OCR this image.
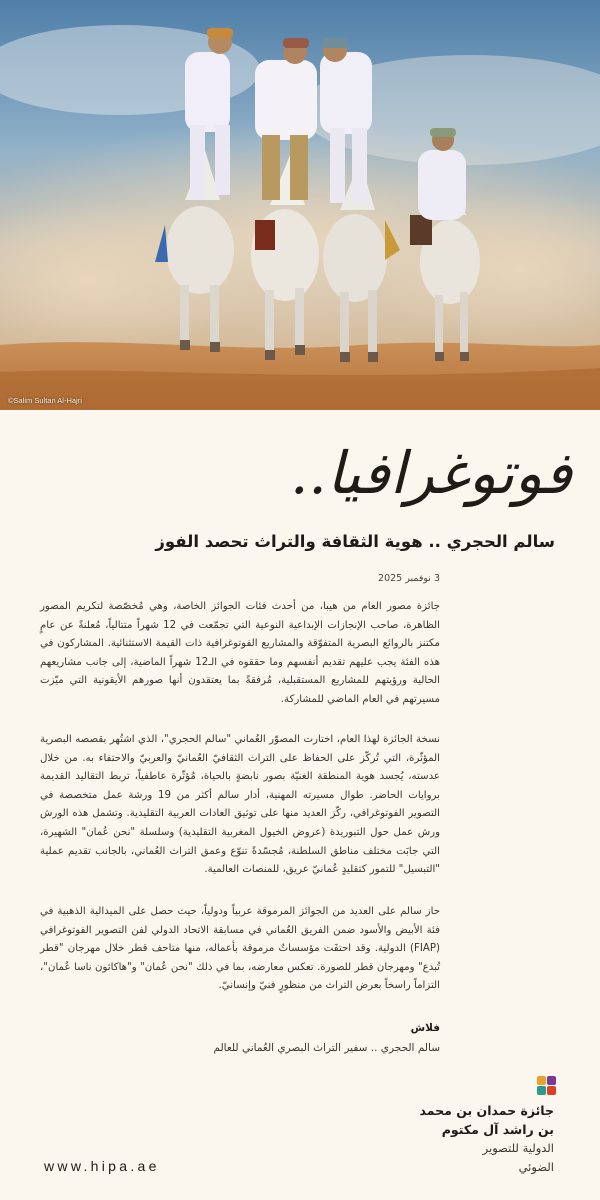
©Salim Sultan Al-Hajri
فوتوغرافيا..
سالم الحجري .. هوية الثقافة والتراث تحصد الفوز
3 نوفمبر 2025
جائزة مصور العام من هيبا، من أحدث فئات الجوائز الخاصة، وهي مُخصّصة لتكريم المصور الظاهرة، صاحب الإنجازات الإبداعية النوعية التي تجمّعت في 12 شهراً متتالياً، مُعلنةً عن عامٍ مكتنز بالروائع البصرية المتفوّقة والمشاريع الفوتوغرافية ذات القيمة الاستثنائية. المشاركون في هذه الفئة يجب عليهم تقديم أنفسهم وما حققوه في الـ12 شهراً الماضية، إلى جانب مشاريعهم الحالية ورؤيتهم للمشاريع المستقبلية، مُرفقةً بما يعتقدون أنها صورهم الأيقونية التي ميّزت مسيرتهم في العام الماضي للمشاركة.
نسخة الجائزة لهذا العام، اختارت المصوّر العُماني "سالم الحجري"، الذي اشتُهر بقصصه البصرية المؤثّرة، التي تُركّز على الحفاظ على التراث الثقافيّ العُمانيّ والعربيّ والاحتفاء به. من خلال عدسته، يُجسد هوية المنطقة الغنيّة بصور نابضةٍ بالحياة، مُؤثّرة عاطفياً، تربط التقاليد القديمة بروايات الحاضر. طوال مسيرته المهنية، أدار سالم أكثر من 19 ورشة عمل متخصصة في التصوير الفوتوغرافي، ركّز العديد منها على توثيق العادات العربية التقليدية. وتشمل هذه الورش ورش عمل حول التبوريدة (عروض الخيول المغربية التقليدية) وسلسلة "نحن عُمان" الشهيرة، التي جابَت مختلف مناطق السلطنة، مُجسّدةً تنوّع وعمق التراث العُماني، بالجانب تقديم عملية "التبسيل" للتمور كتقليدٍ عُمانيّ عريق، للمنصات العالمية.
حاز سالم على العديد من الجوائز المرموقة عربياً ودولياً، حيث حصل على الميدالية الذهبية في فئة الأبيض والأسود ضمن الفريق العُماني في مسابقة الاتحاد الدولي لفن التصوير الفوتوغرافي (FIAP) الدولية. وقد احتفَت مؤسساتٌ مرموقة بأعماله، منها متاحف قطر خلال مهرجان "قطر تُبدع" ومهرجان قطر للصورة. تعكس معارضه، بما في ذلك "نحن عُمان" و"هاكاثون ناسا عُمان"، التزاماً راسخاً بعرض التراث من منظورٍ فنيّ وإنسانيّ.
فلاش
سالم الحجري .. سفير التراث البصري العُماني للعالم
جائزة حمدان بن محمد
بن راشد آل مكتوم
الدولية للتصوير
الضوئي
www.hipa.ae
